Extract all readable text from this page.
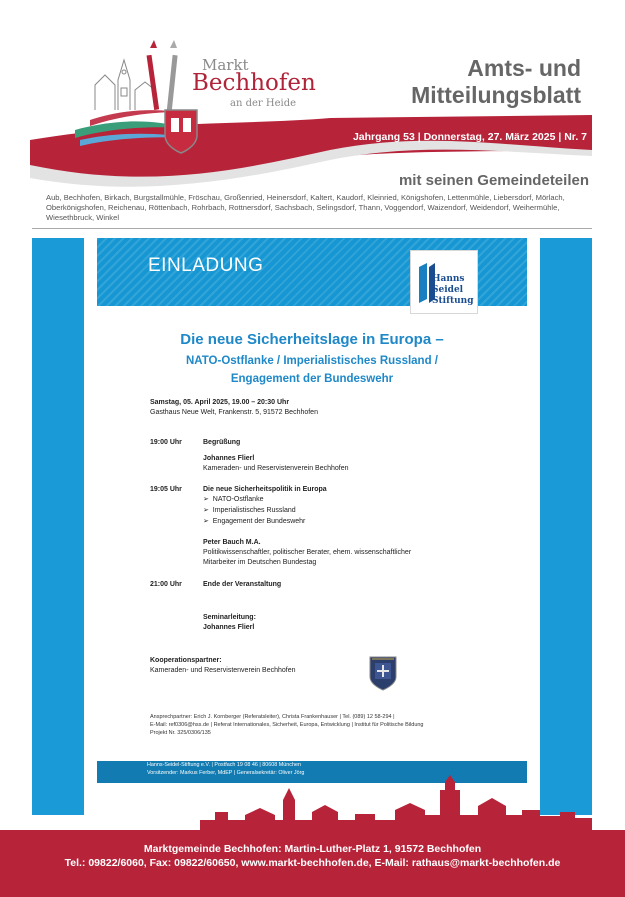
Markt
Bechhofen
an der Heide
Amts- und
Mitteilungsblatt
Jahrgang 53 | Donnerstag, 27. März 2025 | Nr. 7
mit seinen Gemeindeteilen
Aub, Bechhofen, Birkach, Burgstallmühle, Fröschau, Großenried, Heinersdorf, Kaltert, Kaudorf, Kleinried, Königshofen, Lettenmühle, Liebersdorf, Mörlach, Oberkönigshofen, Reichenau, Röttenbach, Rohrbach, Rottnersdorf, Sachsbach, Selingsdorf, Thann, Voggendorf, Waizendorf, Weidendorf, Weihermühle, Wiesethbruck, Winkel
EINLADUNG
Hanns
Seidel
Stiftung
Die neue Sicherheitslage in Europa –
NATO-Ostflanke / Imperialistisches Russland /
Engagement der Bundeswehr
Samstag, 05. April 2025, 19.00 – 20:30 Uhr
Gasthaus Neue Welt, Frankenstr. 5, 91572 Bechhofen
19:00 Uhr	Begrüßung
Johannes Flierl
Kameraden- und Reservistenverein Bechhofen
19:05 Uhr	Die neue Sicherheitspolitik in Europa
➢  NATO-Ostflanke
➢  Imperialistisches Russland
➢  Engagement der Bundeswehr
Peter Bauch M.A.
Politikwissenschaftler, politischer Berater, ehem. wissenschaftlicher
Mitarbeiter im Deutschen Bundestag
21:00 Uhr	Ende der Veranstaltung
Seminarleitung:
Johannes Flierl
Kooperationspartner:
Kameraden- und Reservistenverein Bechhofen
Ansprechpartner: Erich J. Kornberger (Referatsleiter), Christa Frankenhauser | Tel. (089) 12 58-294 |
E-Mail: ref0306@hss.de | Referat Internationales, Sicherheit, Europa, Entwicklung | Institut für Politische Bildung
Projekt Nr. 325/0306/135
Hanns-Seidel-Stiftung e.V. | Postfach 19 08 46 | 80608 München
Vorsitzender: Markus Ferber, MdEP | Generalsekretär: Oliver Jörg
Marktgemeinde Bechhofen: Martin-Luther-Platz 1, 91572 Bechhofen
Tel.: 09822/6060, Fax: 09822/60650, www.markt-bechhofen.de, E-Mail: rathaus@markt-bechhofen.de
